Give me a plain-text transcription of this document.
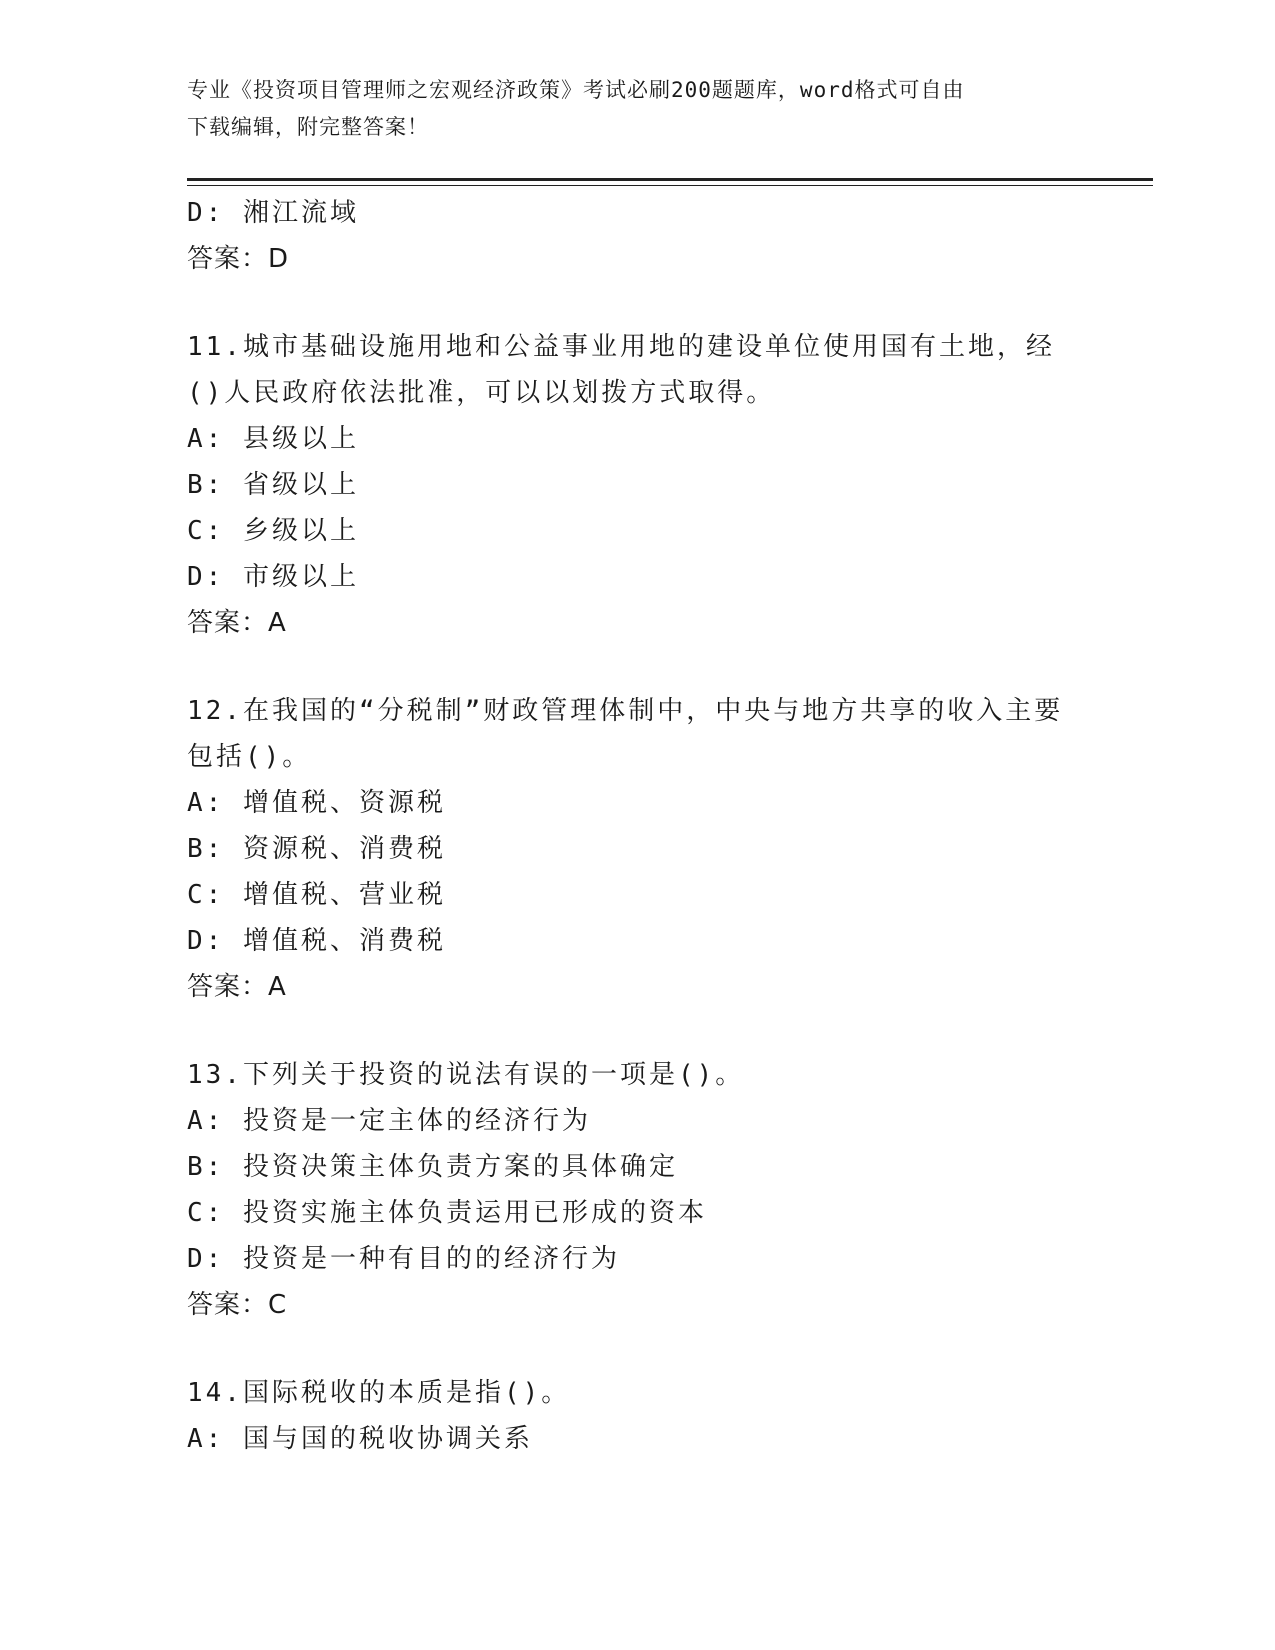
专业《投资项目管理师之宏观经济政策》考试必刷200题题库，word格式可自由
下载编辑，附完整答案！
D: 湘江流域
答案：D
11.城市基础设施用地和公益事业用地的建设单位使用国有土地，经()人民政府依法批准，可以以划拨方式取得。
A: 县级以上
B: 省级以上
C: 乡级以上
D: 市级以上
答案：A
12.在我国的“分税制”财政管理体制中，中央与地方共享的收入主要包括()。
A: 增值税、资源税
B: 资源税、消费税
C: 增值税、营业税
D: 增值税、消费税
答案：A
13.下列关于投资的说法有误的一项是()。
A: 投资是一定主体的经济行为
B: 投资决策主体负责方案的具体确定
C: 投资实施主体负责运用已形成的资本
D: 投资是一种有目的的经济行为
答案：C
14.国际税收的本质是指()。
A: 国与国的税收协调关系
